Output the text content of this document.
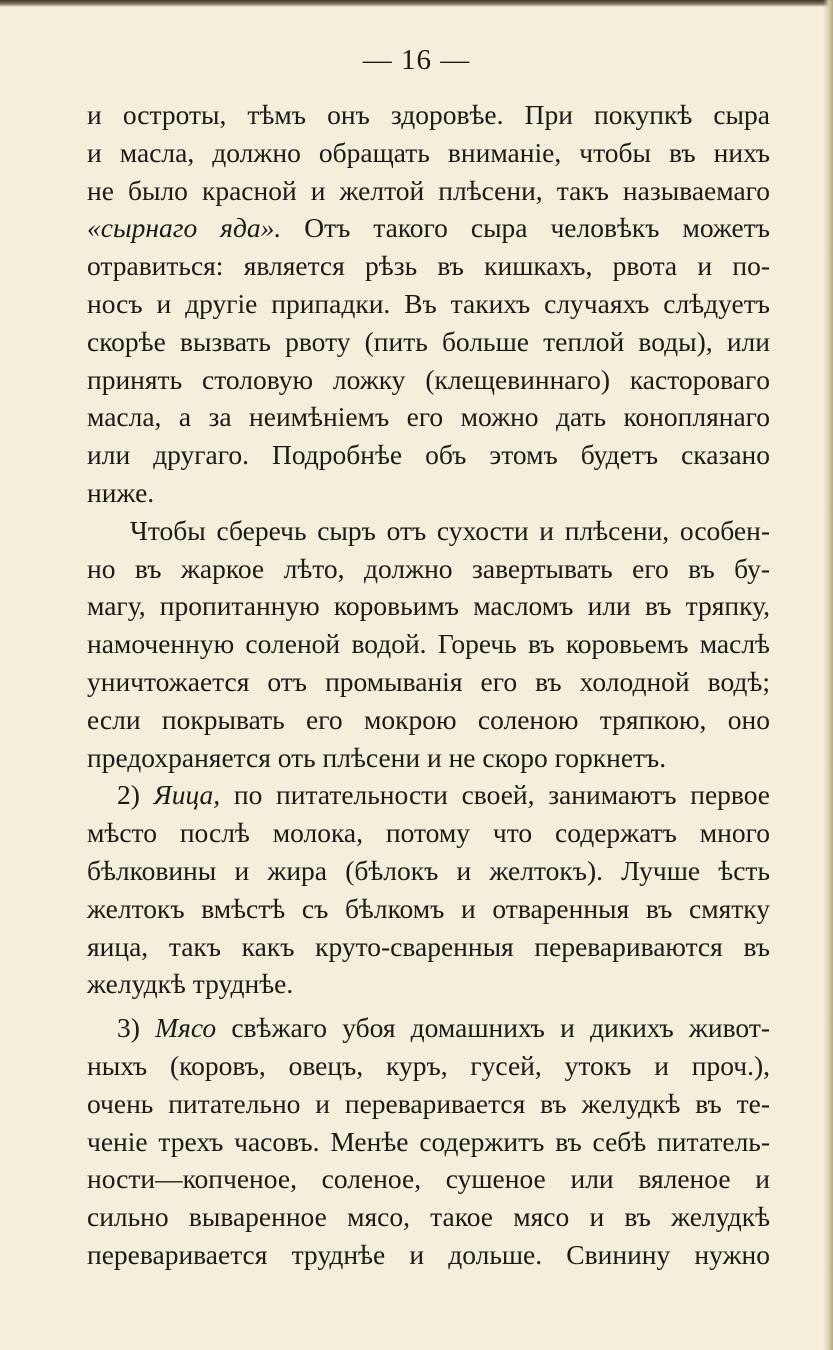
— 16 —
и остроты, тѣмъ онъ здоровѣе. При покупкѣ сыра
и масла, должно обращать вниманіе, чтобы въ нихъ
не было красной и желтой плѣсени, такъ называемаго
«сырнаго яда». Отъ такого сыра человѣкъ можетъ
отравиться: является рѣзь въ кишкахъ, рвота и по-
носъ и другіе припадки. Въ такихъ случаяхъ слѣдуетъ
скорѣе вызвать рвоту (пить больше теплой воды), или
принять столовую ложку (клещевиннаго) касторовагo
масла, а за неимѣніемъ его можно дать конoплянаго
или другаго. Подробнѣе объ этомъ будетъ сказано
ниже.
Чтобы сберечь сыръ отъ сухости и плѣсени, особен-
но въ жаркое лѣто, должно завертывать его въ бу-
магу, пропитанную коровьимъ масломъ или въ тряпку,
намоченную соленой водой. Горечь въ коровьемъ маслѣ
уничтожается отъ промыванія его въ холодной водѣ;
если покрывать его мокрою соленою тряпкою, оно
предохраняется оть плѣсени и не скоро горкнетъ.
2) Яица, по питательности своей, занимаютъ первое
мѣсто послѣ молока, потому что содержатъ много
бѣлковины и жира (бѣлокъ и желтокъ). Лучше ѣсть
желтокъ вмѣстѣ съ бѣлкомъ и отваренныя въ смятку
яица, такъ какъ круто-сваренныя перевариваются въ
желудкѣ труднѣе.
3) Мясо свѣжаго убоя домашнихъ и дикихъ живот-
ныхъ (коровъ, овецъ, куръ, гусей, утокъ и проч.),
очень питательно и переваривается въ желудкѣ въ те-
ченіе трехъ часовъ. Менѣе содержитъ въ себѣ питатель-
ности—копченое, соленое, сушеное или вяленое и
сильно вываренное мясо, такое мясо и въ желудкѣ
переваривается труднѣе и дольше. Свинину нужно
